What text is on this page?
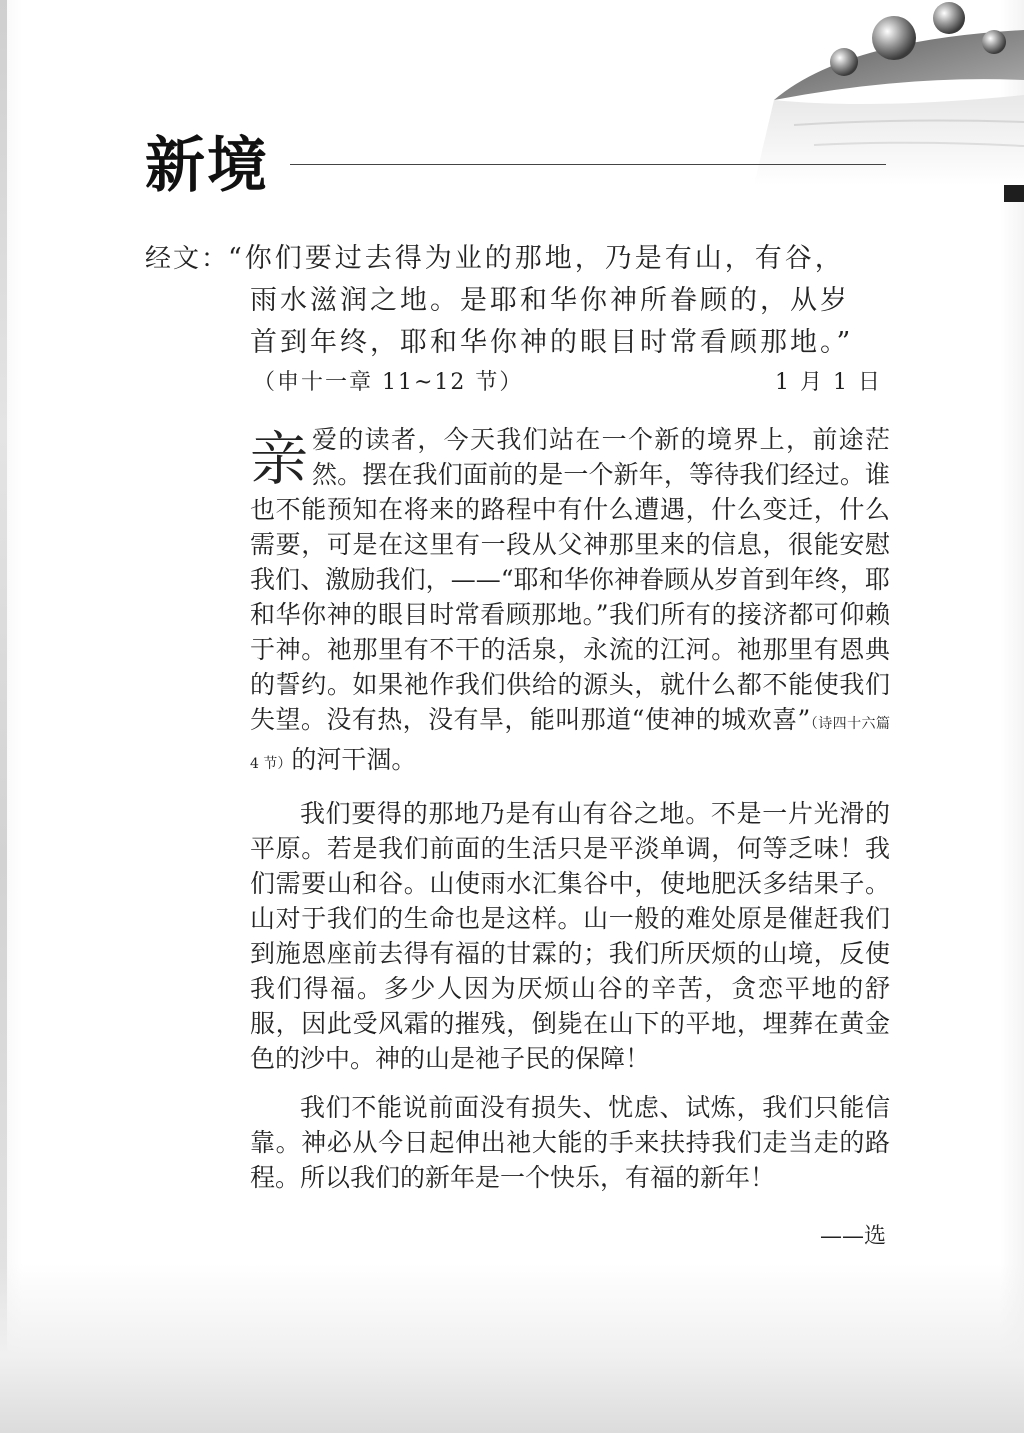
新境
经文：
“你们要过去得为业的那地，乃是有山，有谷，
雨水滋润之地。是耶和华你神所眷顾的，从岁
首到年终，耶和华你神的眼目时常看顾那地。”
（申十一章 11~12 节）	1 月 1 日

亲爱的读者，今天我们站在一个新的境界上，前途茫然。摆在我们面前的是一个新年，等待我们经过。谁也不能预知在将来的路程中有什么遭遇，什么变迁，什么需要，可是在这里有一段从父神那里来的信息，很能安慰我们、激励我们，——“耶和华你神眷顾从岁首到年终，耶和华你神的眼目时常看顾那地。”我们所有的接济都可仰赖于神。祂那里有不干的活泉，永流的江河。祂那里有恩典的誓约。如果祂作我们供给的源头，就什么都不能使我们失望。没有热，没有旱，能叫那道“使神的城欢喜”（诗四十六篇 4 节）的河干涸。

我们要得的那地乃是有山有谷之地。不是一片光滑的平原。若是我们前面的生活只是平淡单调，何等乏味！我们需要山和谷。山使雨水汇集谷中，使地肥沃多结果子。山对于我们的生命也是这样。山一般的难处原是催赶我们到施恩座前去得有福的甘霖的；我们所厌烦的山境，反使我们得福。多少人因为厌烦山谷的辛苦，贪恋平地的舒服，因此受风霜的摧残，倒毙在山下的平地，埋葬在黄金色的沙中。神的山是祂子民的保障！

我们不能说前面没有损失、忧虑、试炼，我们只能信靠。神必从今日起伸出祂大能的手来扶持我们走当走的路程。所以我们的新年是一个快乐，有福的新年！

——选
